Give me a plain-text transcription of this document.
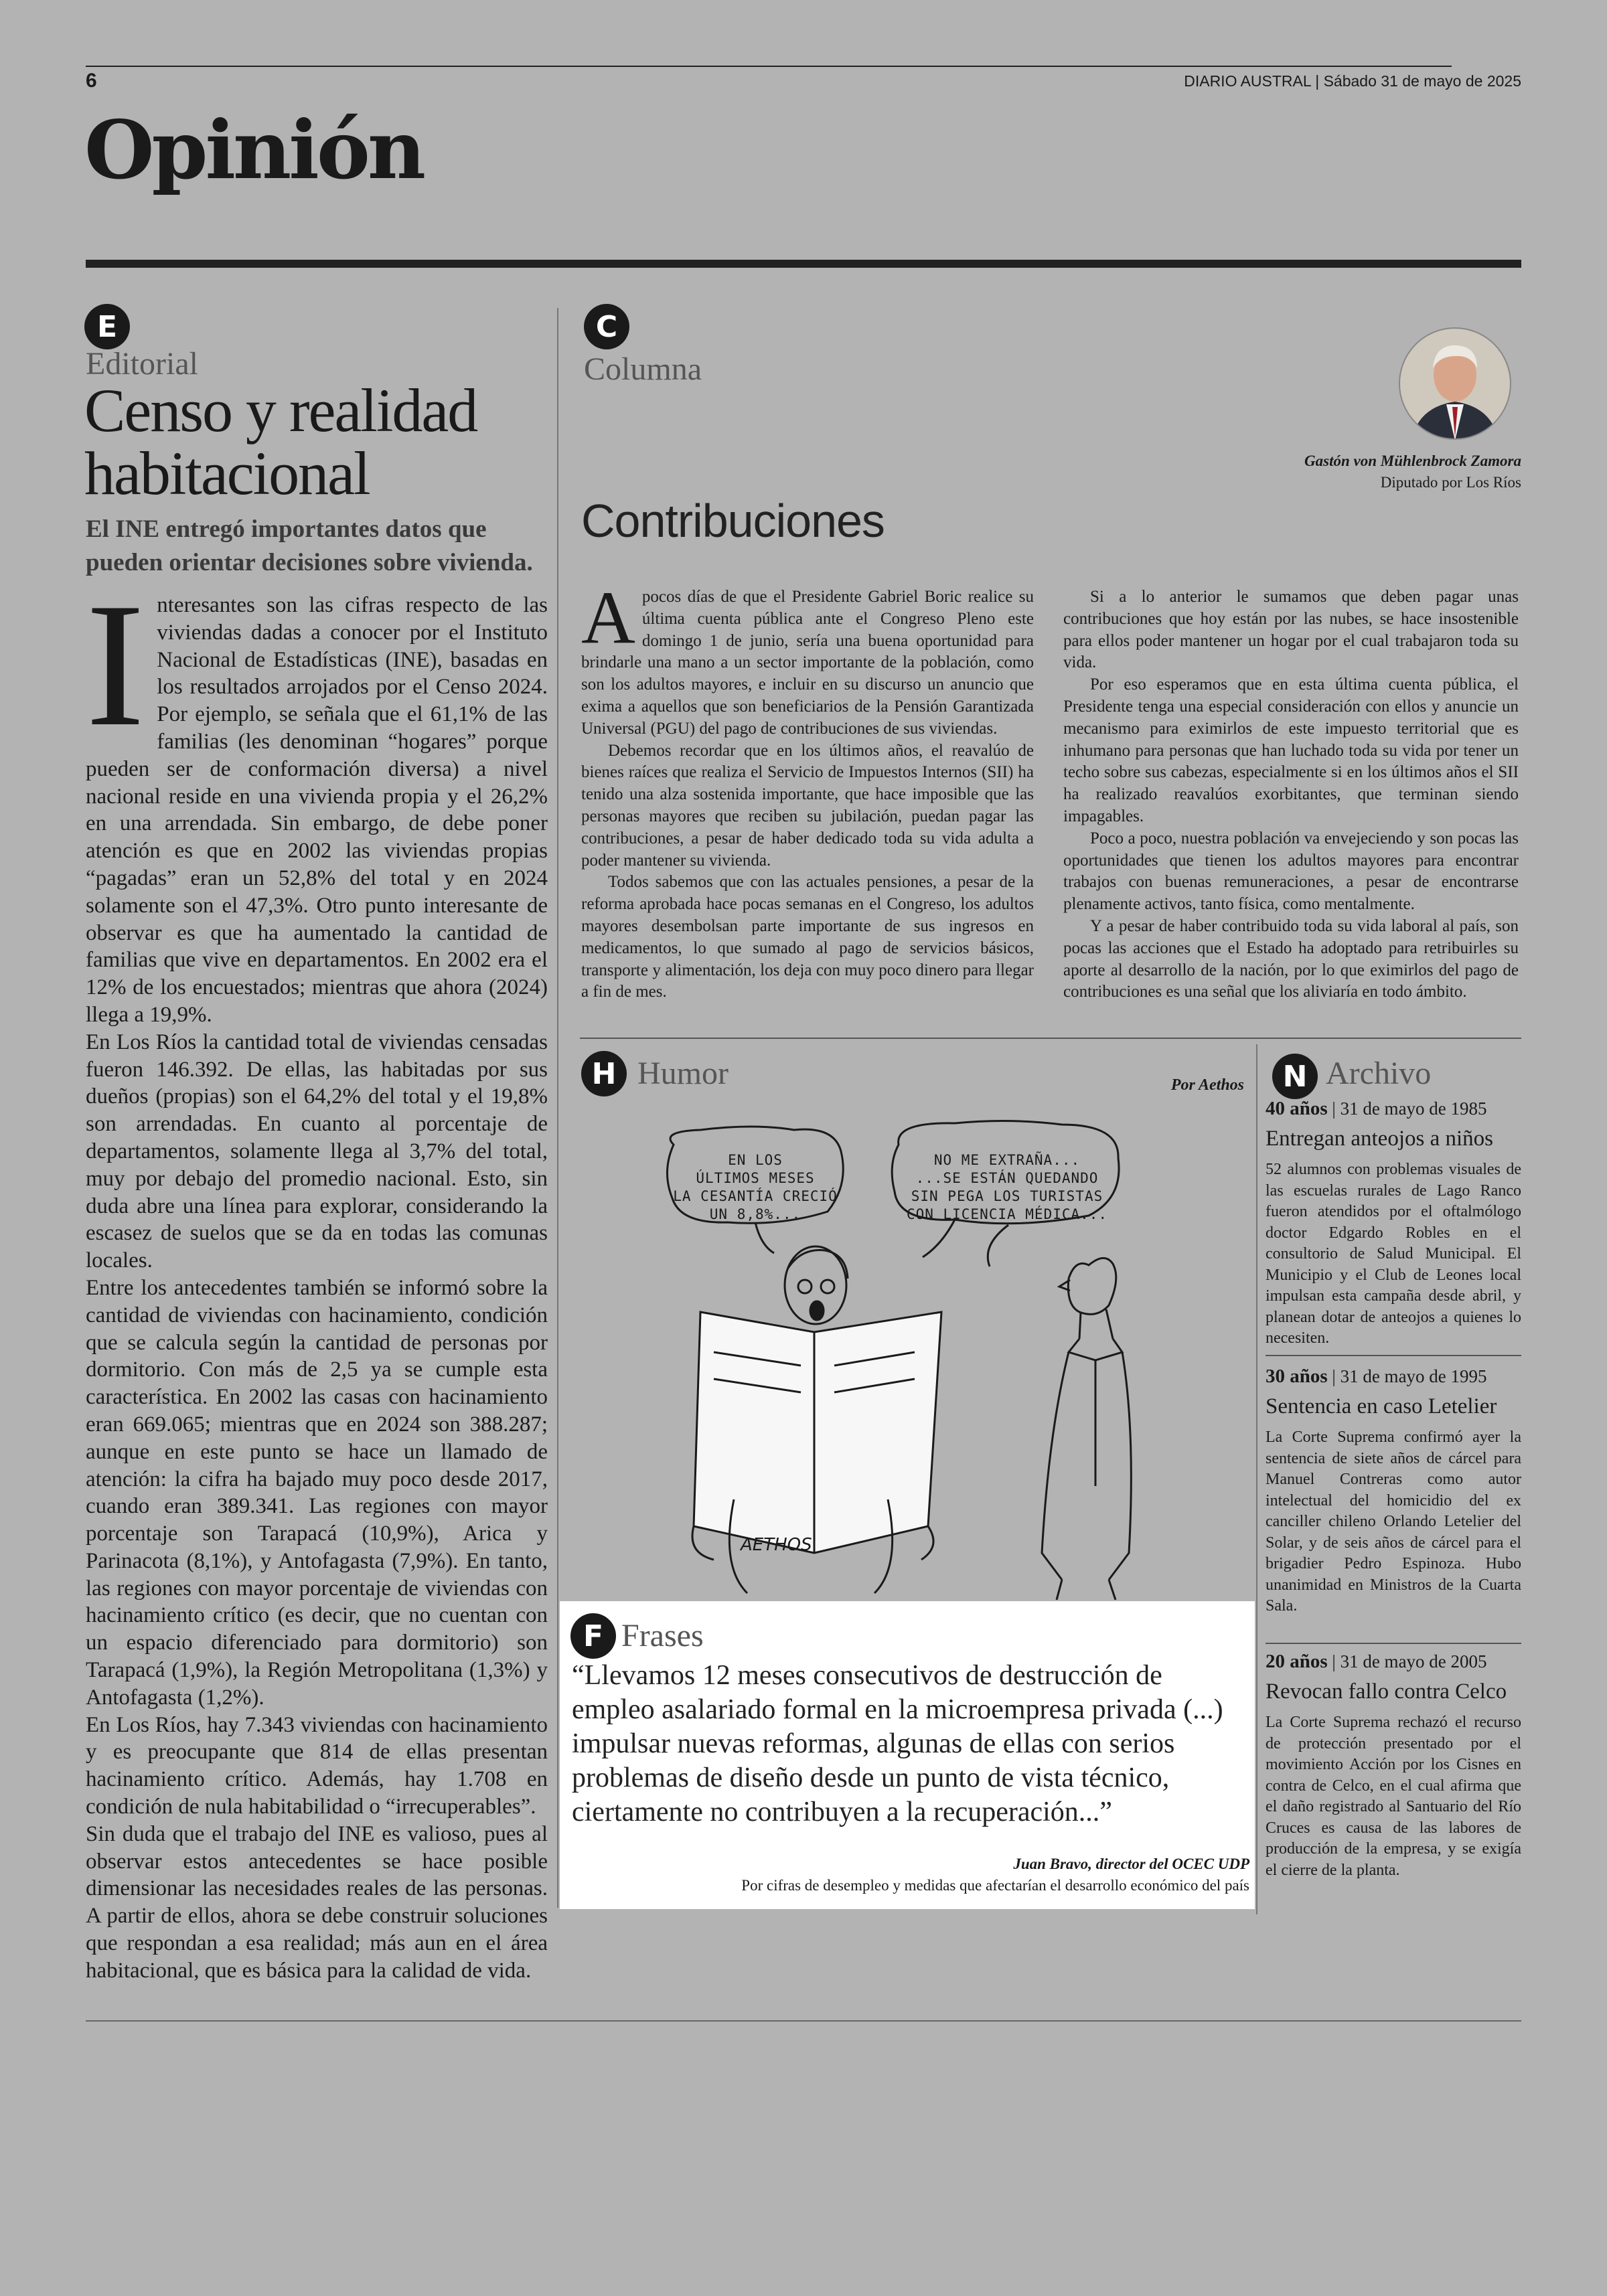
6	DIARIO AUSTRAL | Sábado 31 de mayo de 2025
Opinión
E
Editorial
Censo y realidad
habitacional
El INE entregó importantes datos que
pueden orientar decisiones sobre vivienda.
I nteresantes son las cifras respecto de las viviendas dadas a conocer por el Instituto Nacional de Estadísticas (INE), basadas en los resultados arrojados por el Censo 2024. Por ejemplo, se señala que el 61,1% de las familias (les denominan “hogares” porque pueden ser de conformación diversa) a nivel nacional reside en una vivienda propia y el 26,2% en una arrendada. Sin embargo, de debe poner atención es que en 2002 las viviendas propias “pagadas” eran un 52,8% del total y en 2024 solamente son el 47,3%. Otro punto interesante de observar es que ha aumentado la cantidad de familias que vive en departamentos. En 2002 era el 12% de los encuestados; mientras que ahora (2024) llega a 19,9%.

En Los Ríos la cantidad total de viviendas censadas fueron 146.392. De ellas, las habitadas por sus dueños (propias) son el 64,2% del total y el 19,8% son arrendadas. En cuanto al porcentaje de departamentos, solamente llega al 3,7% del total, muy por debajo del promedio nacional. Esto, sin duda abre una línea para explorar, considerando la escasez de suelos que se da en todas las comunas locales.

Entre los antecedentes también se informó sobre la cantidad de viviendas con hacinamiento, condición que se calcula según la cantidad de personas por dormitorio. Con más de 2,5 ya se cumple esta característica. En 2002 las casas con hacinamiento eran 669.065; mientras que en 2024 son 388.287; aunque en este punto se hace un llamado de atención: la cifra ha bajado muy poco desde 2017, cuando eran 389.341. Las regiones con mayor porcentaje son Tarapacá (10,9%), Arica y Parinacota (8,1%), y Antofagasta (7,9%). En tanto, las regiones con mayor porcentaje de viviendas con hacinamiento crítico (es decir, que no cuentan con un espacio diferenciado para dormitorio) son Tarapacá (1,9%), la Región Metropolitana (1,3%) y Antofagasta (1,2%).

En Los Ríos, hay 7.343 viviendas con hacinamiento y es preocupante que 814 de ellas presentan hacinamiento crítico. Además, hay 1.708 en condición de nula habitabilidad o “irrecuperables”.

Sin duda que el trabajo del INE es valioso, pues al observar estos antecedentes se hace posible dimensionar las necesidades reales de las personas. A partir de ellos, ahora se debe construir soluciones que respondan a esa realidad; más aun en el área habitacional, que es básica para la calidad de vida.

C
Columna
Gastón von Mühlenbrock Zamora
Diputado por Los Ríos
Contribuciones
A pocos días de que el Presidente Gabriel Boric realice su última cuenta pública ante el Congreso Pleno este domingo 1 de junio, sería una buena oportunidad para brindarle una mano a un sector importante de la población, como son los adultos mayores, e incluir en su discurso un anuncio que exima a aquellos que son beneficiarios de la Pensión Garantizada Universal (PGU) del pago de contribuciones de sus viviendas.

Debemos recordar que en los últimos años, el reavalúo de bienes raíces que realiza el Servicio de Impuestos Internos (SII) ha tenido una alza sostenida importante, que hace imposible que las personas mayores que reciben su jubilación, puedan pagar las contribuciones, a pesar de haber dedicado toda su vida adulta a poder mantener su vivienda.

Todos sabemos que con las actuales pensiones, a pesar de la reforma aprobada hace pocas semanas en el Congreso, los adultos mayores desembolsan parte importante de sus ingresos en medicamentos, lo que sumado al pago de servicios básicos, transporte y alimentación, los deja con muy poco dinero para llegar a fin de mes.

Si a lo anterior le sumamos que deben pagar unas contribuciones que hoy están por las nubes, se hace insostenible para ellos poder mantener un hogar por el cual trabajaron toda su vida.

Por eso esperamos que en esta última cuenta pública, el Presidente tenga una especial consideración con ellos y anuncie un mecanismo para eximirlos de este impuesto territorial que es inhumano para personas que han luchado toda su vida por tener un techo sobre sus cabezas, especialmente si en los últimos años el SII ha realizado reavalúos exorbitantes, que terminan siendo impagables.

Poco a poco, nuestra población va envejeciendo y son pocas las oportunidades que tienen los adultos mayores para encontrar trabajos con buenas remuneraciones, a pesar de encontrarse plenamente activos, tanto física, como mentalmente.

Y a pesar de haber contribuido toda su vida laboral al país, son pocas las acciones que el Estado ha adoptado para retribuirles su aporte al desarrollo de la nación, por lo que eximirlos del pago de contribuciones es una señal que los aliviaría en todo ámbito.

H Humor	Por Aethos
EN LOS
ÚLTIMOS MESES
LA CESANTÍA CRECIÓ
UN 8,8%...
NO ME EXTRAÑA...
...SE ESTÁN QUEDANDO
SIN PEGA LOS TURISTAS
CON LICENCIA MÉDICA...
AETHOS
F Frases
“Llevamos 12 meses consecutivos de destrucción de empleo asalariado formal en la microempresa privada (...) impulsar nuevas reformas, algunas de ellas con serios problemas de diseño desde un punto de vista técnico, ciertamente no contribuyen a la recuperación...”
Juan Bravo, director del OCEC UDP
Por cifras de desempleo y medidas que afectarían el desarrollo económico del país
N Archivo
40 años | 31 de mayo de 1985

Entregan anteojos a niños

52 alumnos con problemas visuales de las escuelas rurales de Lago Ranco fueron atendidos por el oftalmólogo doctor Edgardo Robles en el consultorio de Salud Municipal. El Municipio y el Club de Leones local impulsan esta campaña desde abril, y planean dotar de anteojos a quienes lo necesiten.

30 años | 31 de mayo de 1995

Sentencia en caso Letelier

La Corte Suprema confirmó ayer la sentencia de siete años de cárcel para Manuel Contreras como autor intelectual del homicidio del ex canciller chileno Orlando Letelier del Solar, y de seis años de cárcel para el brigadier Pedro Espinoza. Hubo unanimidad en Ministros de la Cuarta Sala.

20 años | 31 de mayo de 2005

Revocan fallo contra Celco

La Corte Suprema rechazó el recurso de protección presentado por el movimiento Acción por los Cisnes en contra de Celco, en el cual afirma que el daño registrado al Santuario del Río Cruces es causa de las labores de producción de la empresa, y se exigía el cierre de la planta.
